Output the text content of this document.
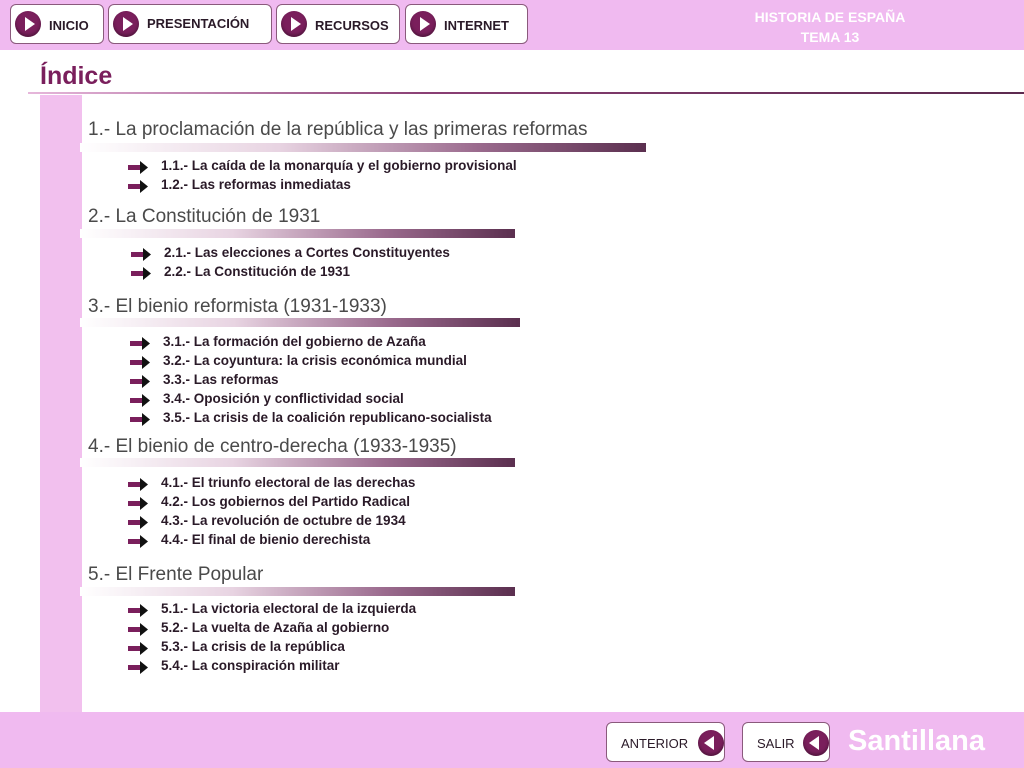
INICIO	PRESENTACIÓN	RECURSOS	INTERNET
HISTORIA DE ESPAÑA
TEMA 13
Índice
1.- La proclamación de la república y las primeras reformas
1.1.- La caída de la monarquía y el gobierno provisional
1.2.- Las reformas inmediatas
2.- La Constitución de 1931
2.1.- Las elecciones a Cortes Constituyentes
2.2.- La Constitución de 1931
3.- El bienio reformista (1931-1933)
3.1.- La formación del gobierno de Azaña
3.2.- La coyuntura: la crisis económica mundial
3.3.- Las reformas
3.4.- Oposición y conflictividad social
3.5.- La crisis de la coalición republicano-socialista
4.- El bienio de centro-derecha (1933-1935)
4.1.- El triunfo electoral de las derechas
4.2.- Los gobiernos del Partido Radical
4.3.- La revolución de octubre de 1934
4.4.- El final de bienio derechista
5.- El Frente Popular
5.1.- La victoria electoral de la izquierda
5.2.- La vuelta de Azaña al gobierno
5.3.- La crisis de la república
5.4.- La conspiración militar
ANTERIOR	SALIR Santillana
